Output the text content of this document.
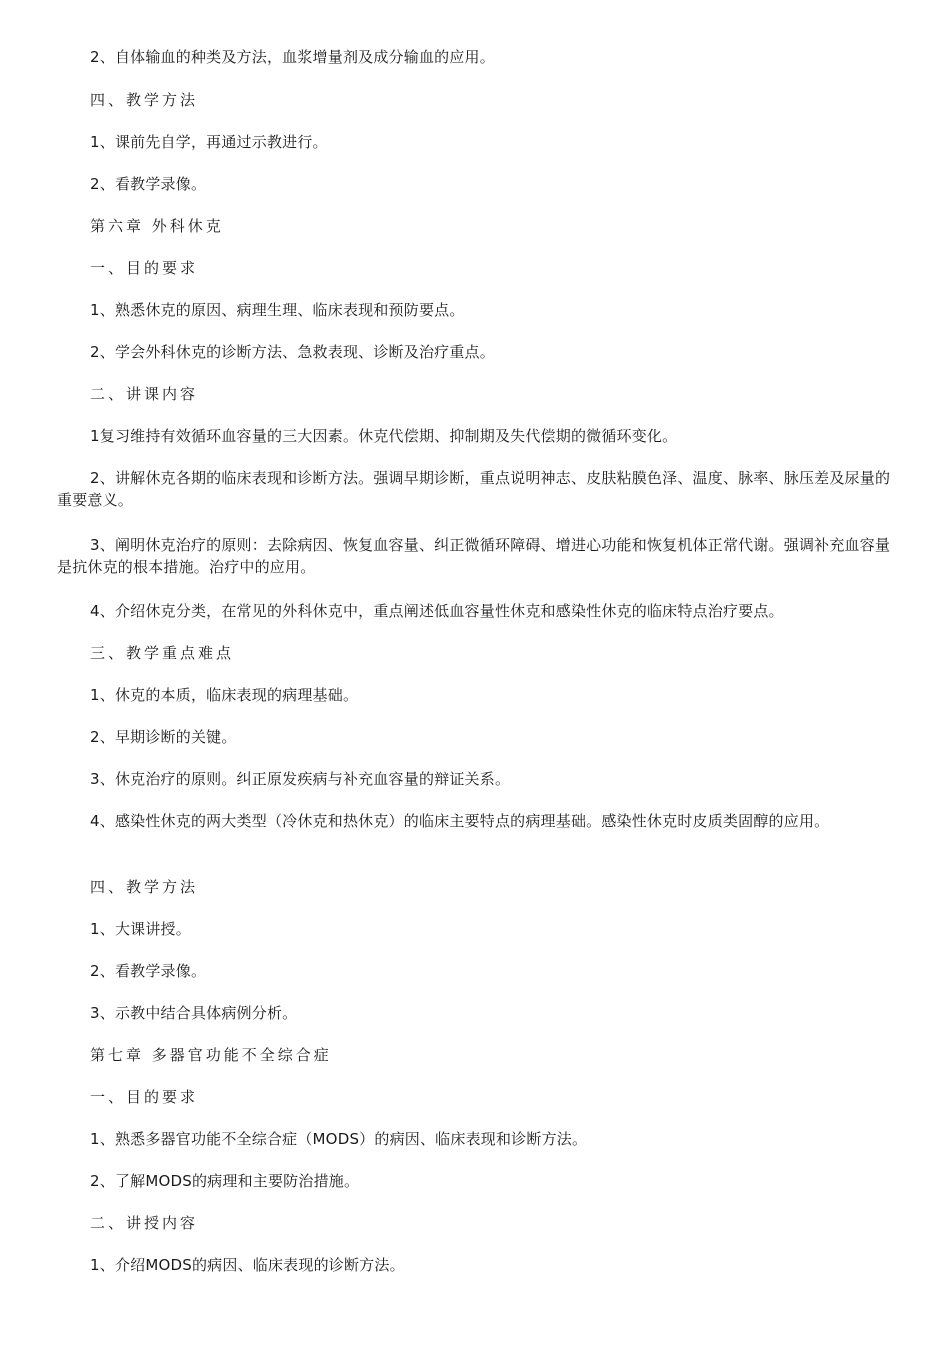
2、自体输血的种类及方法，血浆增量剂及成分输血的应用。

四、教学方法

1、课前先自学，再通过示教进行。

2、看教学录像。

第六章 外科休克

一、目的要求

1、熟悉休克的原因、病理生理、临床表现和预防要点。

2、学会外科休克的诊断方法、急救表现、诊断及治疗重点。

二、讲课内容

1复习维持有效循环血容量的三大因素。休克代偿期、抑制期及失代偿期的微循环变化。

2、讲解休克各期的临床表现和诊断方法。强调早期诊断，重点说明神志、皮肤粘膜色泽、温度、脉率、脉压差及尿量的重要意义。

3、阐明休克治疗的原则：去除病因、恢复血容量、纠正微循环障碍、增进心功能和恢复机体正常代谢。强调补充血容量是抗休克的根本措施。治疗中的应用。

4、介绍休克分类，在常见的外科休克中，重点阐述低血容量性休克和感染性休克的临床特点治疗要点。

三、教学重点难点

1、休克的本质，临床表现的病理基础。

2、早期诊断的关键。

3、休克治疗的原则。纠正原发疾病与补充血容量的辩证关系。

4、感染性休克的两大类型（冷休克和热休克）的临床主要特点的病理基础。感染性休克时皮质类固醇的应用。

四、教学方法

1、大课讲授。

2、看教学录像。

3、示教中结合具体病例分析。

第七章 多器官功能不全综合症

一、目的要求

1、熟悉多器官功能不全综合症（MODS）的病因、临床表现和诊断方法。

2、了解MODS的病理和主要防治措施。

二、讲授内容

1、介绍MODS的病因、临床表现的诊断方法。
